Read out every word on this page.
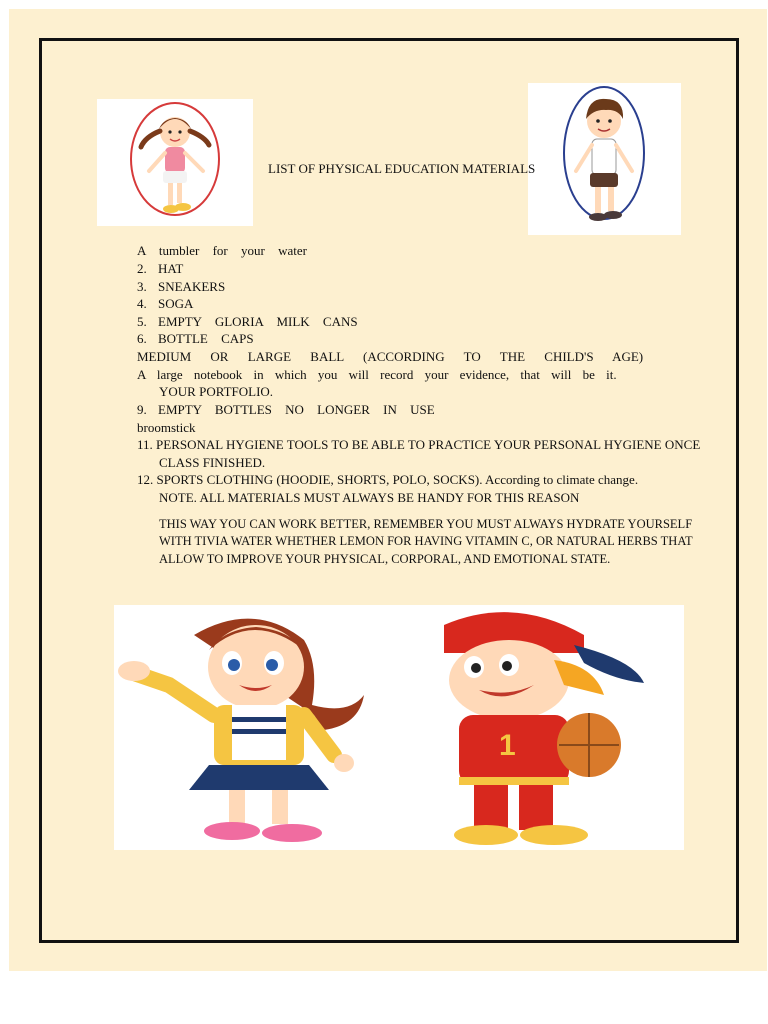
LIST OF PHYSICAL EDUCATION MATERIALS
A tumbler for your water
2. HAT
3. SNEAKERS
4. SOGA
5. EMPTY GLORIA MILK CANS
6. BOTTLE CAPS
MEDIUM OR LARGE BALL (ACCORDING TO THE CHILD'S AGE)
A large notebook in which you will record your evidence, that will be it.
YOUR PORTFOLIO.
9. EMPTY BOTTLES NO LONGER IN USE
broomstick
11. PERSONAL HYGIENE TOOLS TO BE ABLE TO PRACTICE YOUR PERSONAL HYGIENE ONCE
CLASS FINISHED.
12. SPORTS CLOTHING (HOODIE, SHORTS, POLO, SOCKS). According to climate change.
NOTE. ALL MATERIALS MUST ALWAYS BE HANDY FOR THIS REASON
THIS WAY YOU CAN WORK BETTER, REMEMBER YOU MUST ALWAYS HYDRATE YOURSELF
WITH TIVIA WATER WHETHER LEMON FOR HAVING VITAMIN C, OR NATURAL HERBS THAT
ALLOW TO IMPROVE YOUR PHYSICAL, CORPORAL, AND EMOTIONAL STATE.
1
